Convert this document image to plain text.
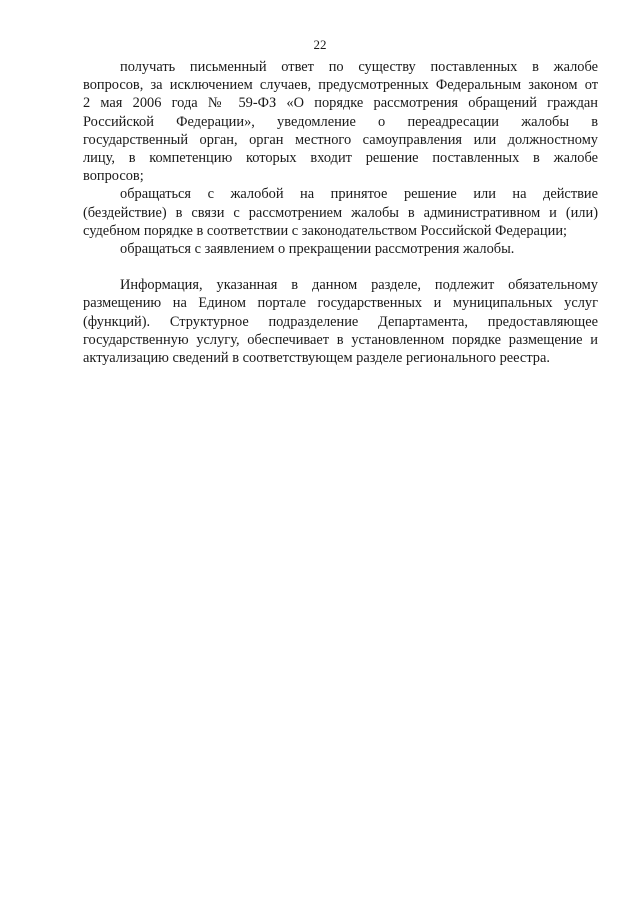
22
получать письменный ответ по существу поставленных в жалобе
вопросов, за исключением случаев, предусмотренных Федеральным законом от
2 мая 2006 года № 59-ФЗ «О порядке рассмотрения обращений граждан
Российской Федерации», уведомление о переадресации жалобы в
государственный орган, орган местного самоуправления или должностному
лицу, в компетенцию которых входит решение поставленных в жалобе
вопросов;
обращаться с жалобой на принятое решение или на действие
(бездействие) в связи с рассмотрением жалобы в административном и (или)
судебном порядке в соответствии с законодательством Российской Федерации;
обращаться с заявлением о прекращении рассмотрения жалобы.
Информация, указанная в данном разделе, подлежит обязательному
размещению на Едином портале государственных и муниципальных услуг
(функций). Структурное подразделение Департамента, предоставляющее
государственную услугу, обеспечивает в установленном порядке размещение и
актуализацию сведений в соответствующем разделе регионального реестра.
